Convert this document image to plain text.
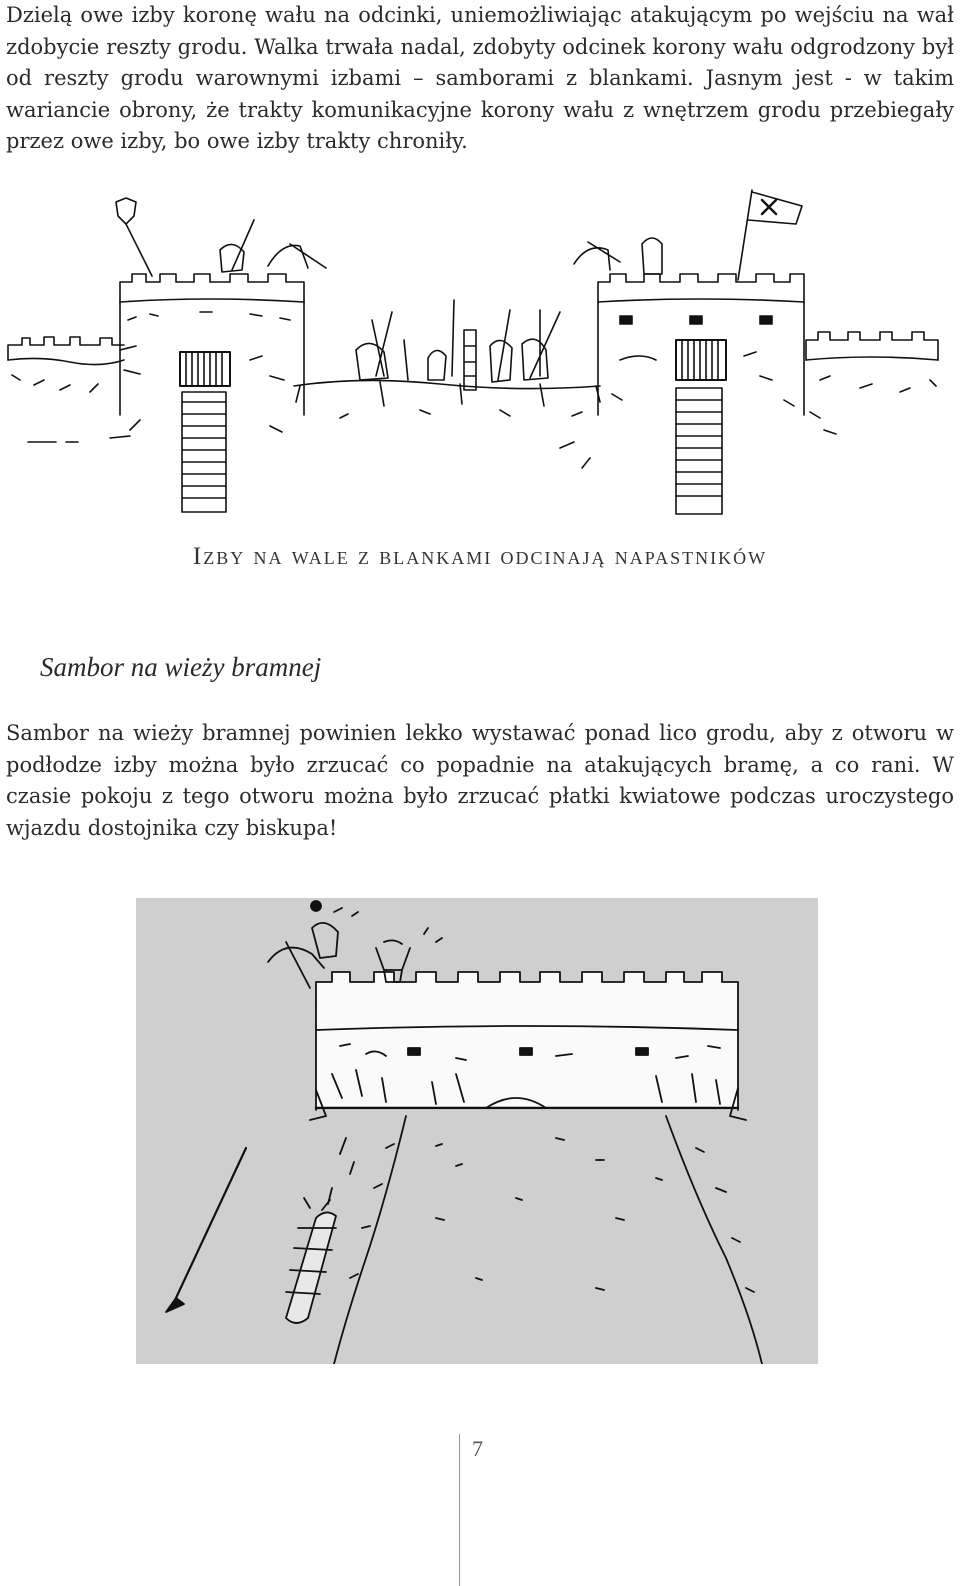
Dzielą owe izby koronę wału na odcinki, uniemożliwiając atakującym po wejściu na wał zdobycie reszty grodu. Walka trwała nadal, zdobyty odcinek korony wału odgrodzony był od reszty grodu warownymi izbami – samborami z blankami. Jasnym jest - w takim wariancie obrony, że trakty komunikacyjne korony wału z wnętrzem grodu przebiegały przez owe izby, bo owe izby trakty chroniły.

Izby na wale z blankami odcinają napastników

Sambor na wieży bramnej

Sambor na wieży bramnej powinien lekko wystawać ponad lico grodu, aby z otworu w podłodze izby można było zrzucać co popadnie na atakujących bramę, a co rani. W czasie pokoju z tego otworu można było zrzucać płatki kwiatowe podczas uroczystego wjazdu dostojnika czy biskupa!

7
